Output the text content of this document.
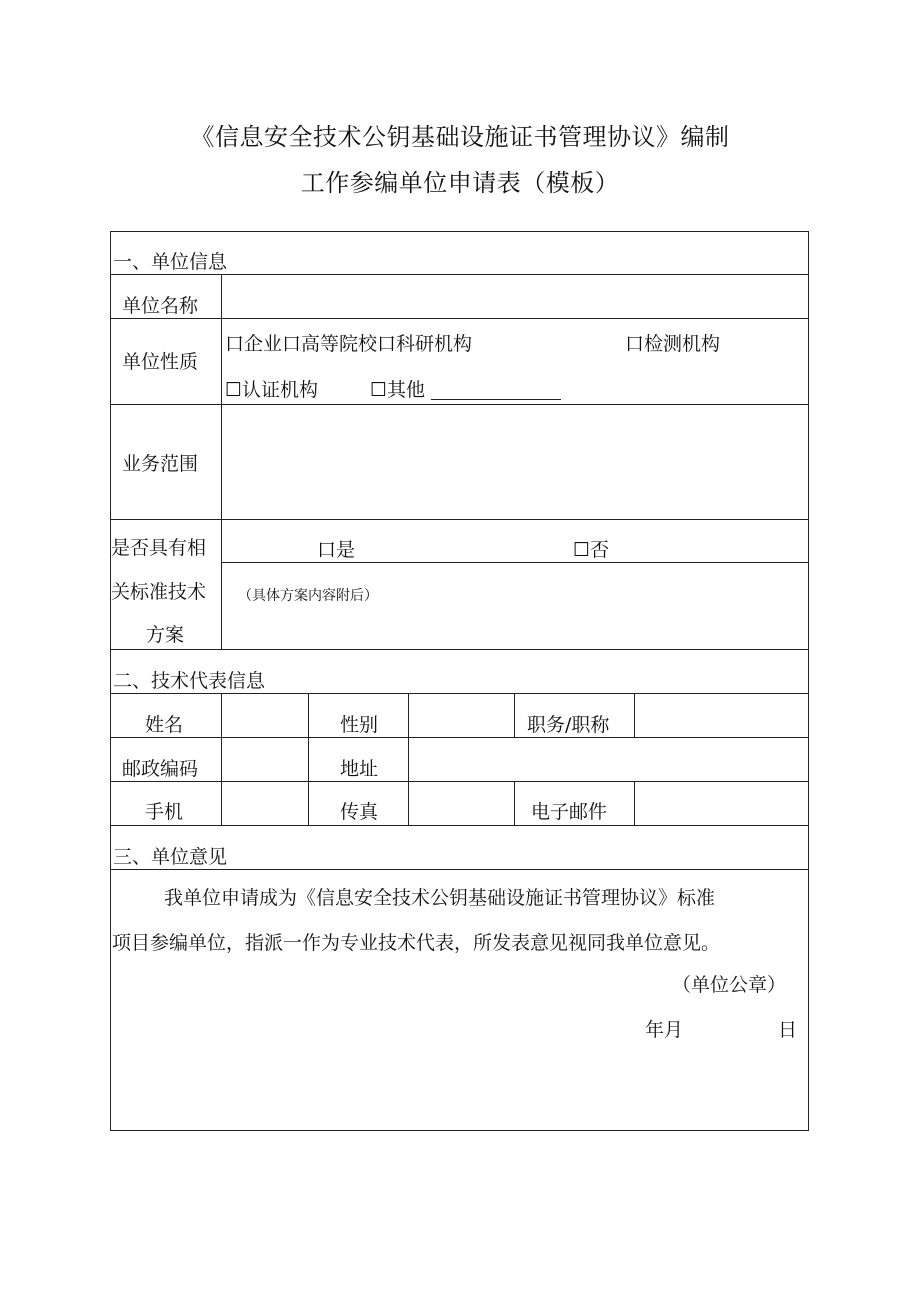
《信息安全技术公钥基础设施证书管理协议》编制
工作参编单位申请表（模板）
一、单位信息
单位名称
单位性质
口企业口高等院校口科研机构	口检测机构
☐认证机构	☐其他
业务范围
是否具有相
关标准技术
方案
口是	☐否
（具体方案内容附后）
二、技术代表信息
姓名	性别	职务/职称
邮政编码	地址
手机	传真	电子邮件
三、单位意见
我单位申请成为《信息安全技术公钥基础设施证书管理协议》标准
项目参编单位，指派一作为专业技术代表，所发表意见视同我单位意见。
（单位公章）
年月	日
